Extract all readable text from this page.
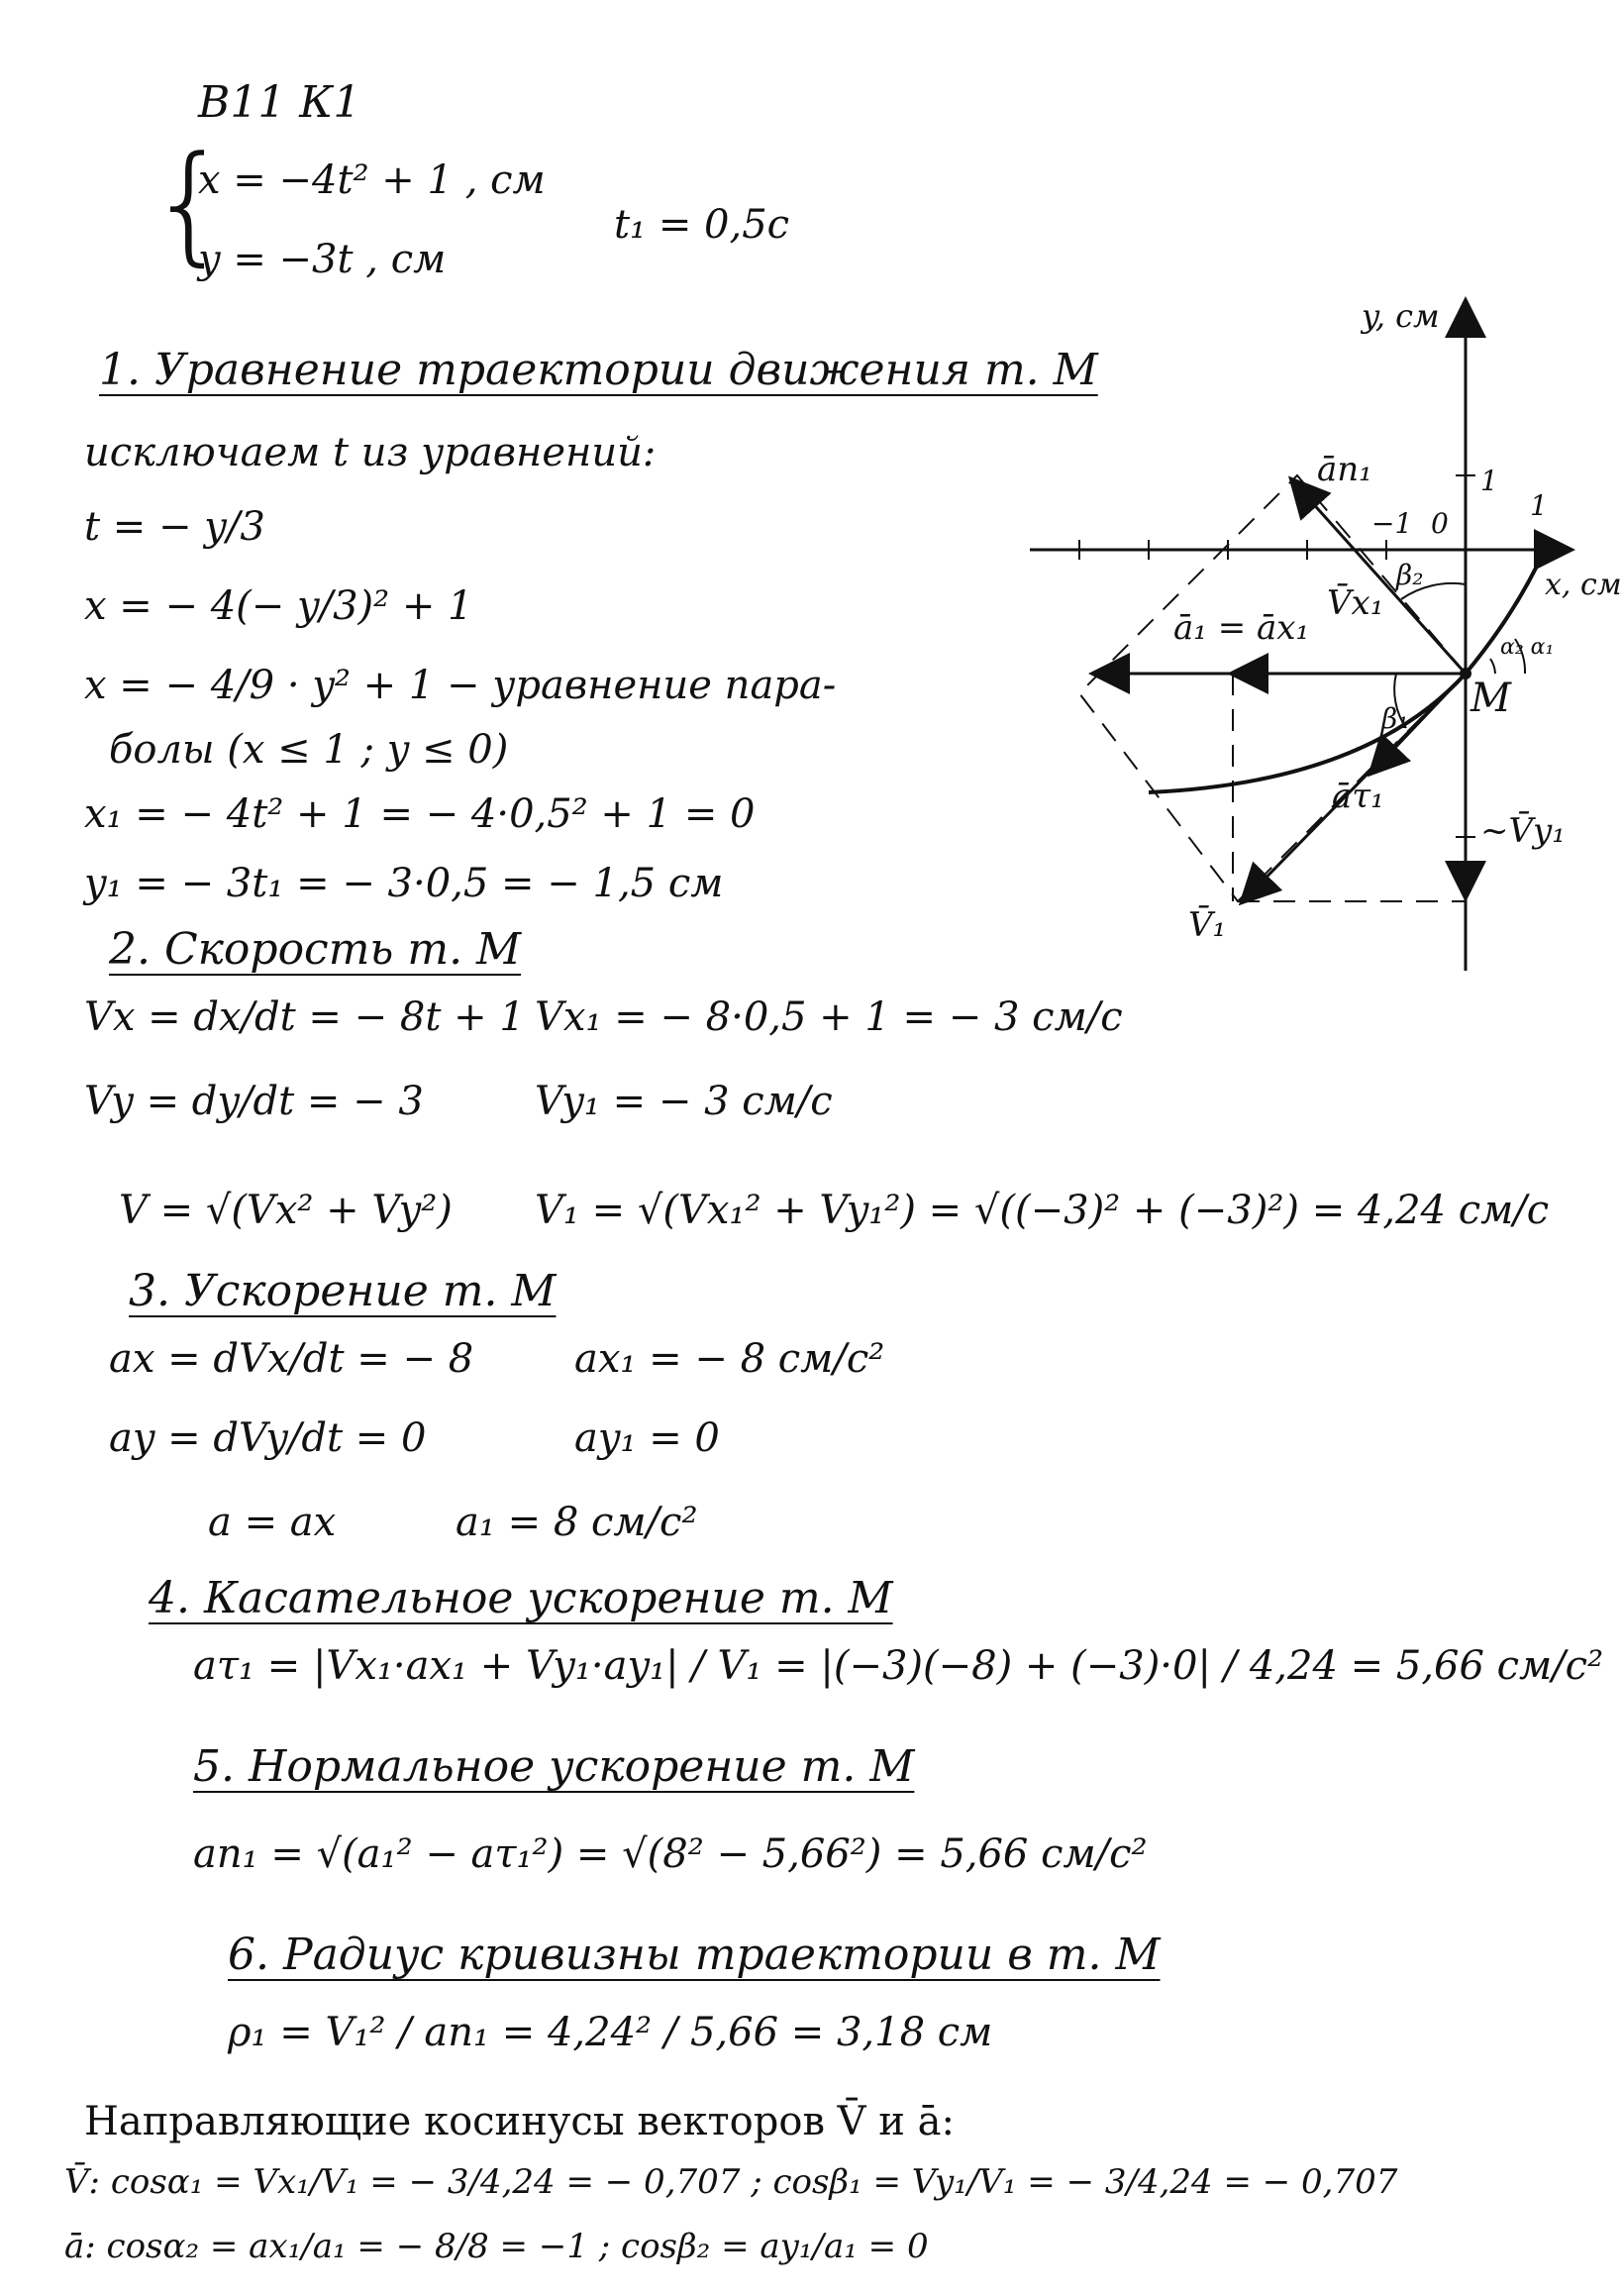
В11 К1
{
x = −4t² + 1 , см
y = −3t , см
t₁ = 0,5с
1. Уравнение траектории движения т. M
исключаем t из уравнений:
t = − y/3
x = − 4(− y/3)² + 1
x = − 4/9 · y² + 1 − уравнение пара-
болы (x ≤ 1 ; y ≤ 0)
x₁ = − 4t² + 1 = − 4·0,5² + 1 = 0
y₁ = − 3t₁ = − 3·0,5 = − 1,5 см
2. Скорость т. M
Vx = dx/dt = − 8t + 1 Vx₁ = − 8·0,5 + 1 = − 3 см/с
Vy = dy/dt = − 3	Vy₁ = − 3 см/с
V = √(Vx² + Vy²) V₁ = √(Vx₁² + Vy₁²) = √((−3)² + (−3)²) = 4,24 см/с
3. Ускорение т. M
ax = dVx/dt = − 8	ax₁ = − 8 см/с²
ay = dVy/dt = 0	ay₁ = 0
a = ax	a₁ = 8 см/с²
4. Касательное ускорение т. M
aτ₁ = |Vx₁·ax₁ + Vy₁·ay₁| / V₁ = |(−3)(−8) + (−3)·0| / 4,24 = 5,66 см/с²
5. Нормальное ускорение т. M
an₁ = √(a₁² − aτ₁²) = √(8² − 5,66²) = 5,66 см/с²
6. Радиус кривизны траектории в т. M
ρ₁ = V₁² / an₁ = 4,24² / 5,66 = 3,18 см
Направляющие косинусы векторов V̄ и ā:
V̄: cosα₁ = Vx₁/V₁ = − 3/4,24 = − 0,707 ; cosβ₁ = Vy₁/V₁ = − 3/4,24 = − 0,707
ā: cosα₂ = ax₁/a₁ = − 8/8 = −1 ; cosβ₂ = ay₁/a₁ = 0
y, см
x, см
1
−1 0
1
M
ān₁
ā₁ = āx₁
V̄x₁
β₂
β₁
α₂ α₁
āτ₁
~V̄y₁
V̄₁
